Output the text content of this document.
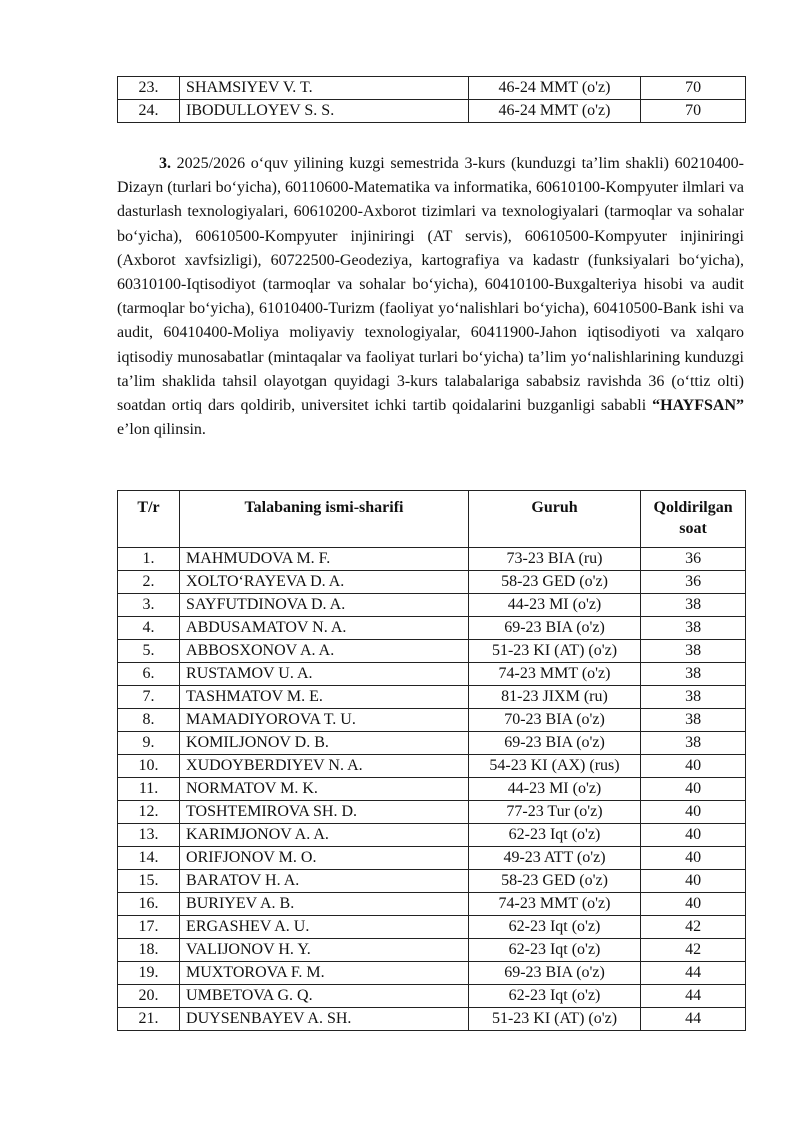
23.	SHAMSIYEV V. T.	46-24 MMT (o'z)	70
24.	IBODULLOYEV S. S.	46-24 MMT (o'z)	70

3. 2025/2026 o‘quv yilining kuzgi semestrida 3-kurs (kunduzgi ta’lim shakli) 60210400-Dizayn (turlari bo‘yicha), 60110600-Matematika va informatika, 60610100-Kompyuter ilmlari va dasturlash texnologiyalari, 60610200-Axborot tizimlari va texnologiyalari (tarmoqlar va sohalar bo‘yicha), 60610500-Kompyuter injiniringi (AT servis), 60610500-Kompyuter injiniringi (Axborot xavfsizligi), 60722500-Geodeziya, kartografiya va kadastr (funksiyalari bo‘yicha), 60310100-Iqtisodiyot (tarmoqlar va sohalar bo‘yicha), 60410100-Buxgalteriya hisobi va audit (tarmoqlar bo‘yicha), 61010400-Turizm (faoliyat yo‘nalishlari bo‘yicha), 60410500-Bank ishi va audit, 60410400-Moliya moliyaviy texnologiyalar, 60411900-Jahon iqtisodiyoti va xalqaro iqtisodiy munosabatlar (mintaqalar va faoliyat turlari bo‘yicha) ta’lim yo‘nalishlarining kunduzgi ta’lim shaklida tahsil olayotgan quyidagi 3-kurs talabalariga sababsiz ravishda 36 (o‘ttiz olti) soatdan ortiq dars qoldirib, universitet ichki tartib qoidalarini buzganligi sababli “HAYFSAN” e’lon qilinsin.

T/r	Talabaning ismi-sharifi	Guruh	Qoldirilgan soat
1.	MAHMUDOVA M. F.	73-23 BIA (ru)	36
2.	XOLTO‘RAYEVA D. A.	58-23 GED (o'z)	36
3.	SAYFUTDINOVA D. A.	44-23 MI (o'z)	38
4.	ABDUSAMATOV N. A.	69-23 BIA (o'z)	38
5.	ABBOSXONOV A. A.	51-23 KI (AT) (o'z)	38
6.	RUSTAMOV U. A.	74-23 MMT (o'z)	38
7.	TASHMATOV M. E.	81-23 JIXM (ru)	38
8.	MAMADIYOROVA T. U.	70-23 BIA (o'z)	38
9.	KOMILJONOV D. B.	69-23 BIA (o'z)	38
10.	XUDOYBERDIYEV N. A.	54-23 KI (AX) (rus)	40
11.	NORMATOV M. K.	44-23 MI (o'z)	40
12.	TOSHTEMIROVA SH. D.	77-23 Tur (o'z)	40
13.	KARIMJONOV A. A.	62-23 Iqt (o'z)	40
14.	ORIFJONOV M. O.	49-23 ATT (o'z)	40
15.	BARATOV H. A.	58-23 GED (o'z)	40
16.	BURIYEV A. B.	74-23 MMT (o'z)	40
17.	ERGASHEV A. U.	62-23 Iqt (o'z)	42
18.	VALIJONOV H. Y.	62-23 Iqt (o'z)	42
19.	MUXTOROVA F. M.	69-23 BIA (o'z)	44
20.	UMBETOVA G. Q.	62-23 Iqt (o'z)	44
21.	DUYSENBAYEV A. SH.	51-23 KI (AT) (o'z)	44
